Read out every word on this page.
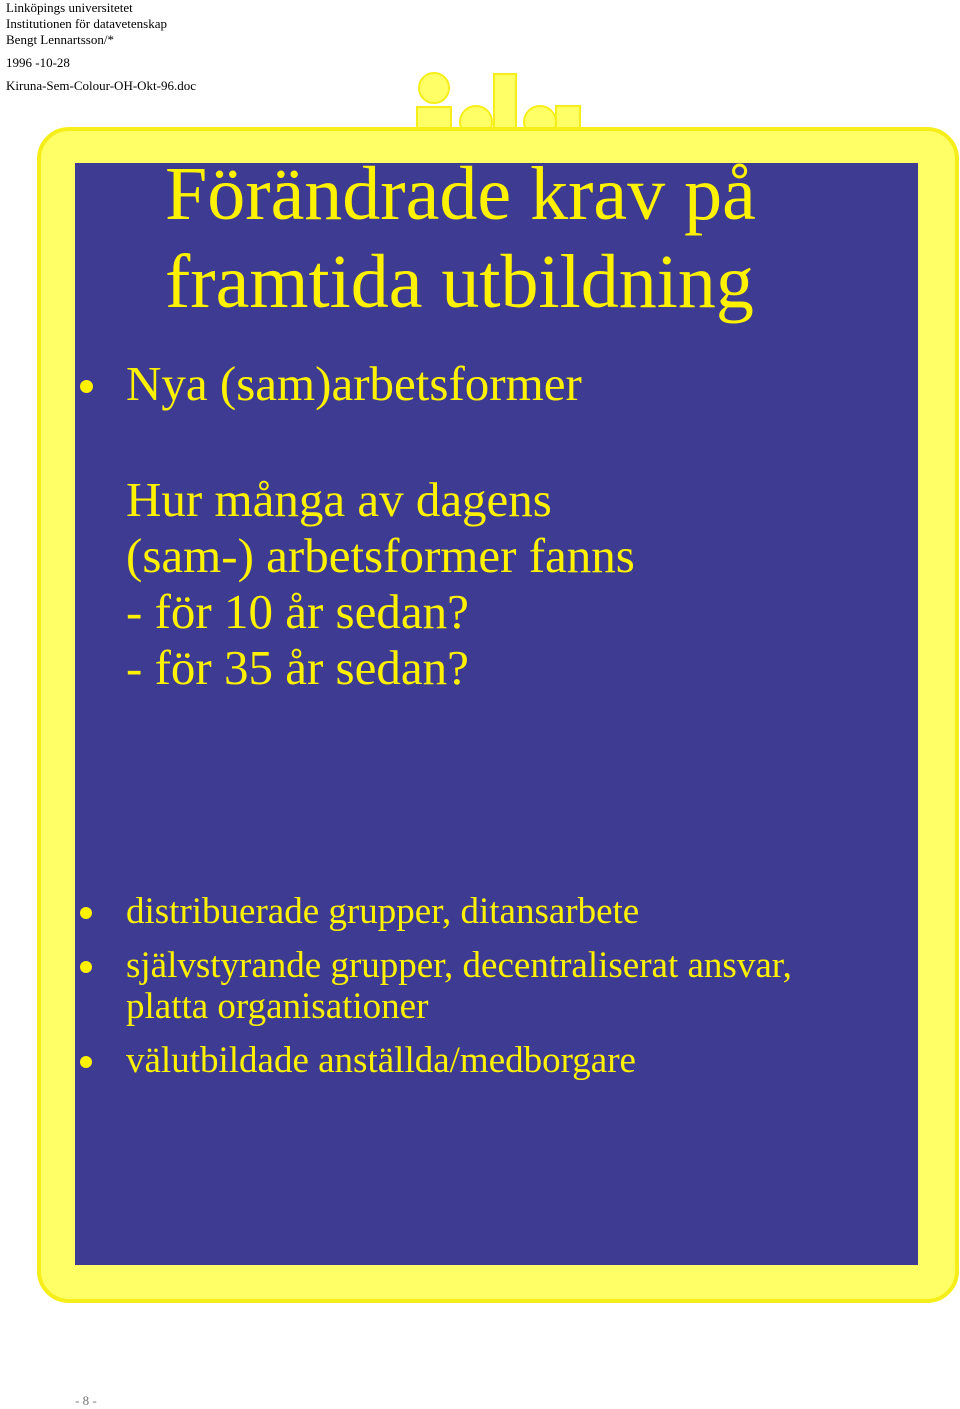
Linköpings universitetet
Institutionen för datavetenskap
Bengt Lennartsson/*
1996 -10-28
Kiruna-Sem-Colour-OH-Okt-96.doc
Förändrade krav på
framtida utbildning
Nya (sam)arbetsformer
Hur många av dagens
(sam-) arbetsformer fanns
- för 10 år sedan?
- för 35 år sedan?
distribuerade grupper, ditansarbete
självstyrande grupper, decentraliserat ansvar,
platta organisationer
välutbildade anställda/medborgare
- 8 -
